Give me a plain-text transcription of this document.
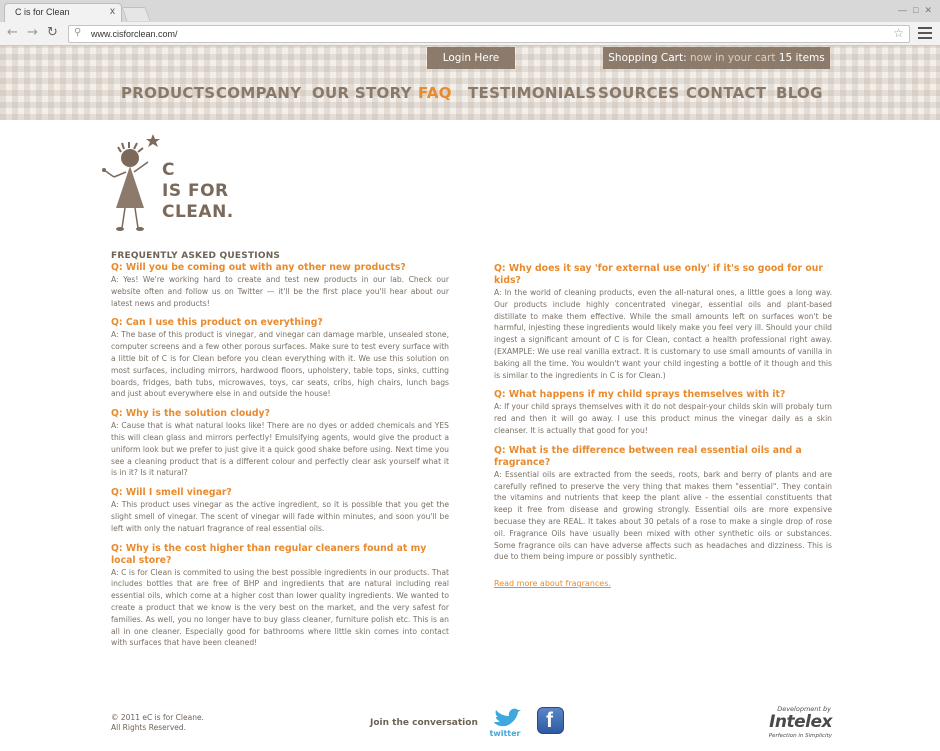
C is for Clean	x	— □ ✕
← → ↻ ⚲ www.cisforclean.com/	☆
Login Here	Shopping Cart: now in your cart 15 items
PRODUCTS COMPANY OUR STORY FAQ TESTIMONIALS SOURCES CONTACT BLOG
C
IS FOR
CLEAN.
FREQUENTLY ASKED QUESTIONS
Q: Will you be coming out with any other new products?
A: Yes! We're working hard to create and test new products in our lab. Check our website often and follow us on Twitter — it'll be the first place you'll hear about our latest news and products!
Q: Can I use this product on everything?
A: The base of this product is vinegar, and vinegar can damage marble, unsealed stone, computer screens and a few other porous surfaces. Make sure to test every surface with a little bit of C is for Clean before you clean everything with it. We use this solution on most surfaces, including mirrors, hardwood floors, upholstery, table tops, sinks, cutting boards, fridges, bath tubs, microwaves, toys, car seats, cribs, high chairs, lunch bags and just about everywhere else in and outside the house!
Q: Why is the solution cloudy?
A: Cause that is what natural looks like! There are no dyes or added chemicals and YES this will clean glass and mirrors perfectly! Emulsifying agents, would give the product a uniform look but we prefer to just give it a quick good shake before using. Next time you see a cleaning product that is a different colour and perfectly clear ask yourself what it is in it? Is it natural?
Q: Will I smell vinegar?
A: This product uses vinegar as the active ingredient, so it is possible that you get the slight smell of vinegar. The scent of vinegar will fade within minutes, and soon you'll be left with only the natuarl fragrance of real essential oils.
Q: Why is the cost higher than regular cleaners found at my local store?
A: C is for Clean is commited to using the best possible ingredients in our products. That includes bottles that are free of BHP and ingredients that are natural including real essential oils, which come at a higher cost than lower quality ingredients. We wanted to create a product that we know is the very best on the market, and the very safest for families. As well, you no longer have to buy glass cleaner, furniture polish etc. This is an all in one cleaner. Especially good for bathrooms where little skin comes into contact with surfaces that have been cleaned!
Q: Why does it say 'for external use only' if it's so good for our kids?
A: In the world of cleaning products, even the all-natural ones, a little goes a long way. Our products include highly concentrated vinegar, essential oils and plant-based distillate to make them effective. While the small amounts left on surfaces won't be harmful, injesting these ingredients would likely make you feel very ill. Should your child ingest a significant amount of C is for Clean, contact a health professional right away. (EXAMPLE: We use real vanilla extract. It is customary to use small amounts of vanilla in baking all the time. You wouldn't want your child ingesting a bottle of it though and this is similar to the ingredients in C is for Clean.)
Q: What happens if my child sprays themselves with it?
A: If your child sprays themselves with it do not despair-your childs skin will probaly turn red and then it will go away. I use this product minus the vinegar daily as a skin cleanser. It is actually that good for you!
Q: What is the difference between real essential oils and a fragrance?
A: Essential oils are extracted from the seeds, roots, bark and berry of plants and are carefully refined to preserve the very thing that makes them "essential". They contain the vitamins and nutrients that keep the plant alive - the essential constituents that keep it free from disease and growing strongly. Essential oils are more expensive becuase they are REAL. It takes about 30 petals of a rose to make a single drop of rose oil. Fragrance Oils have usually been mixed with other synthetic oils or substances. Some fragrance oils can have adverse affects such as headaches and dizziness. This is due to them being impure or possibly synthetic.
Read more about fragrances.
© 2011 eC is for Cleane.
All Rights Reserved.	Join the conversation
twitter
f	Development by
Intelex
Perfection in Simplicity
